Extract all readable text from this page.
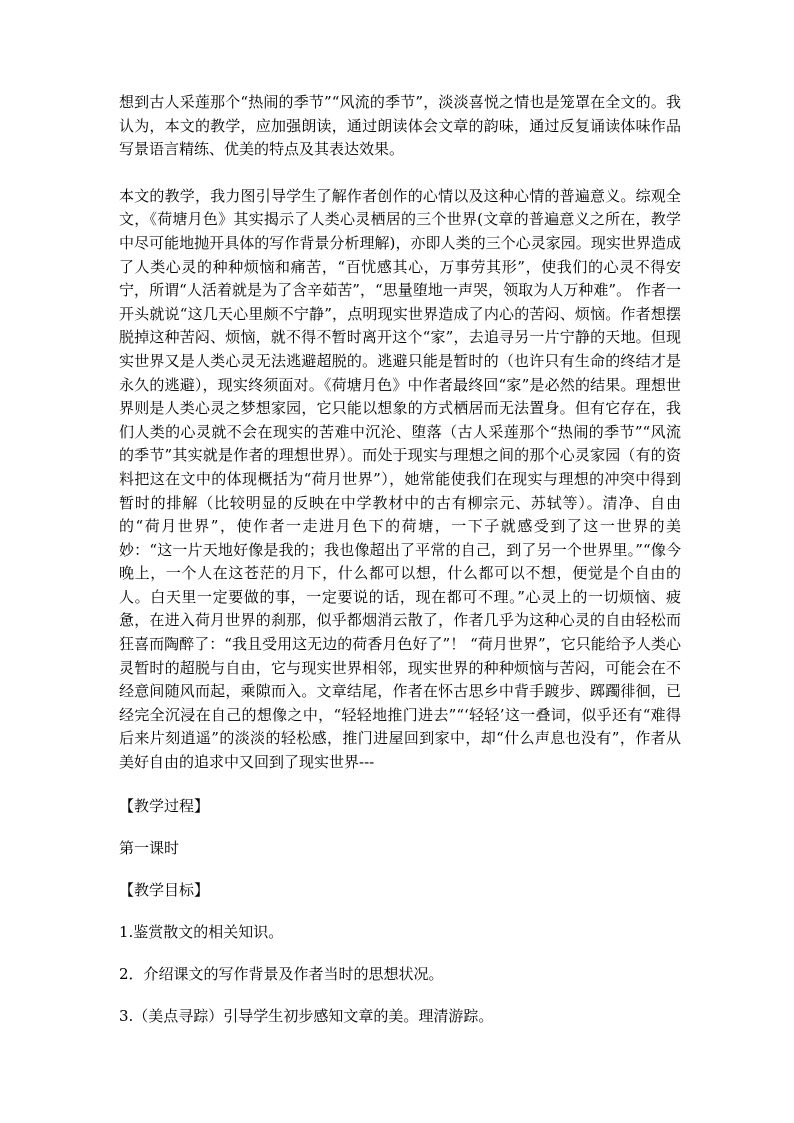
想到古人采莲那个“热闹的季节”“风流的季节”，淡淡喜悦之情也是笼罩在全文的。我认为，本文的教学，应加强朗读，通过朗读体会文章的韵味，通过反复诵读体味作品写景语言精练、优美的特点及其表达效果。

本文的教学，我力图引导学生了解作者创作的心情以及这种心情的普遍意义。综观全文，《荷塘月色》其实揭示了人类心灵栖居的三个世界(文章的普遍意义之所在，教学中尽可能地抛开具体的写作背景分析理解)，亦即人类的三个心灵家园。现实世界造成了人类心灵的种种烦恼和痛苦，“百忧感其心，万事劳其形”，使我们的心灵不得安宁，所谓“人活着就是为了含辛茹苦”，“思量堕地一声哭，领取为人万种难”。 作者一开头就说“这几天心里颇不宁静”，点明现实世界造成了内心的苦闷、烦恼。作者想摆脱掉这种苦闷、烦恼，就不得不暂时离开这个“家”，去追寻另一片宁静的天地。但现实世界又是人类心灵无法逃避超脱的。逃避只能是暂时的（也许只有生命的终结才是永久的逃避），现实终须面对。《荷塘月色》中作者最终回“家”是必然的结果。理想世界则是人类心灵之梦想家园，它只能以想象的方式栖居而无法置身。但有它存在，我们人类的心灵就不会在现实的苦难中沉沦、堕落（古人采莲那个“热闹的季节”“风流的季节”其实就是作者的理想世界）。而处于现实与理想之间的那个心灵家园（有的资料把这在文中的体现概括为“荷月世界”），她常能使我们在现实与理想的冲突中得到暂时的排解（比较明显的反映在中学教材中的古有柳宗元、苏轼等）。清净、自由的“荷月世界”，使作者一走进月色下的荷塘，一下子就感受到了这一世界的美妙：“这一片天地好像是我的；我也像超出了平常的自己，到了另一个世界里。”“像今晚上，一个人在这苍茫的月下，什么都可以想，什么都可以不想，便觉是个自由的人。白天里一定要做的事，一定要说的话，现在都可不理。”心灵上的一切烦恼、疲惫，在进入荷月世界的刹那，似乎都烟消云散了，作者几乎为这种心灵的自由轻松而狂喜而陶醉了：“我且受用这无边的荷香月色好了”！ “荷月世界”，它只能给予人类心灵暂时的超脱与自由，它与现实世界相邻，现实世界的种种烦恼与苦闷，可能会在不经意间随风而起，乘隙而入。文章结尾，作者在怀古思乡中背手踱步、踯躅徘徊，已经完全沉浸在自己的想像之中，“轻轻地推门进去”“‘轻轻’这一叠词，似乎还有“难得后来片刻逍遥”的淡淡的轻松感，推门进屋回到家中，却“什么声息也没有”，作者从美好自由的追求中又回到了现实世界---

【教学过程】

第一课时

【教学目标】

1.鉴赏散文的相关知识。

2．介绍课文的写作背景及作者当时的思想状况。

3.（美点寻踪）引导学生初步感知文章的美。理清游踪。
